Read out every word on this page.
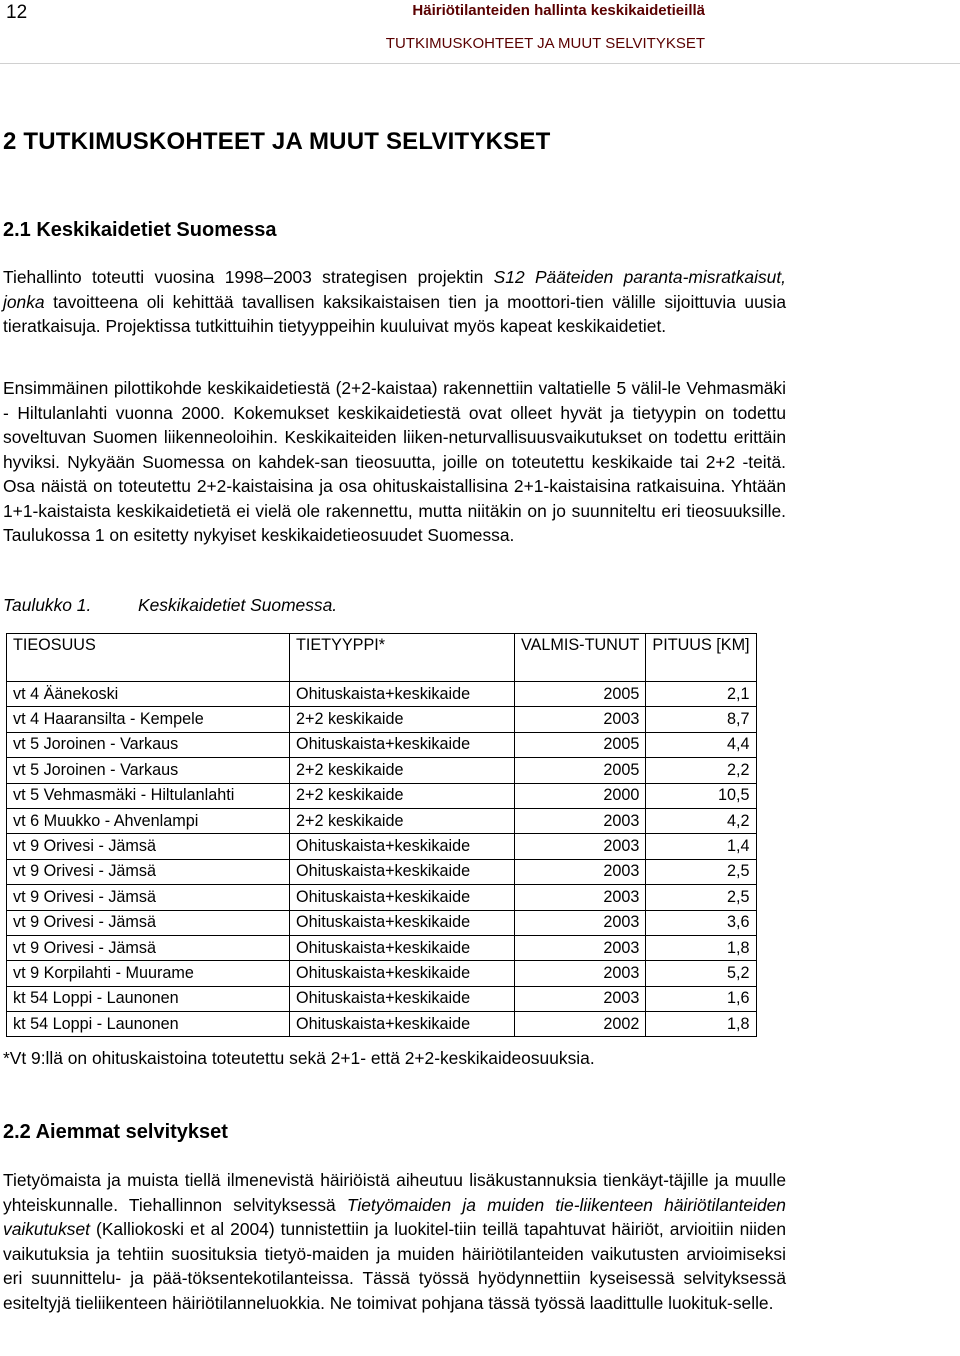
12	Häiriötilanteiden hallinta keskikaidetieillä
TUTKIMUSKOHTEET JA MUUT SELVITYKSET
2 TUTKIMUSKOHTEET JA MUUT SELVITYKSET
2.1 Keskikaidetiet Suomessa

Tiehallinto toteutti vuosina 1998–2003 strategisen projektin S12 Pääteiden paranta-misratkaisut, jonka tavoitteena oli kehittää tavallisen kaksikaistaisen tien ja moottori-tien välille sijoittuvia uusia tieratkaisuja. Projektissa tutkittuihin tietyyppeihin kuuluivat myös kapeat keskikaidetiet.

Ensimmäinen pilottikohde keskikaidetiestä (2+2-kaistaa) rakennettiin valtatielle 5 välil-le Vehmasmäki - Hiltulanlahti vuonna 2000. Kokemukset keskikaidetiestä ovat olleet hyvät ja tietyypin on todettu soveltuvan Suomen liikenneoloihin. Keskikaiteiden liiken-neturvallisuusvaikutukset on todettu erittäin hyviksi. Nykyään Suomessa on kahdek-san tieosuutta, joille on toteutettu keskikaide tai 2+2 -teitä. Osa näistä on toteutettu 2+2-kaistaisina ja osa ohituskaistallisina 2+1-kaistaisina ratkaisuina. Yhtään 1+1-kaistaista keskikaidetietä ei vielä ole rakennettu, mutta niitäkin on jo suunniteltu eri tieosuuksille. Taulukossa 1 on esitetty nykyiset keskikaidetieosuudet Suomessa.

Taulukko 1.	Keskikaidetiet Suomessa.
TIEOSUUS	TIETYYPPI*	VALMIS-TUNUT	PITUUS [KM]
vt 4 Äänekoski	Ohituskaista+keskikaide	2005	2,1
vt 4 Haaransilta - Kempele	2+2 keskikaide	2003	8,7
vt 5 Joroinen - Varkaus	Ohituskaista+keskikaide	2005	4,4
vt 5 Joroinen - Varkaus	2+2 keskikaide	2005	2,2
vt 5 Vehmasmäki - Hiltulanlahti	2+2 keskikaide	2000	10,5
vt 6 Muukko - Ahvenlampi	2+2 keskikaide	2003	4,2
vt 9 Orivesi - Jämsä	Ohituskaista+keskikaide	2003	1,4
vt 9 Orivesi - Jämsä	Ohituskaista+keskikaide	2003	2,5
vt 9 Orivesi - Jämsä	Ohituskaista+keskikaide	2003	2,5
vt 9 Orivesi - Jämsä	Ohituskaista+keskikaide	2003	3,6
vt 9 Orivesi - Jämsä	Ohituskaista+keskikaide	2003	1,8
vt 9 Korpilahti - Muurame	Ohituskaista+keskikaide	2003	5,2
kt 54 Loppi - Launonen	Ohituskaista+keskikaide	2003	1,6
kt 54 Loppi - Launonen	Ohituskaista+keskikaide	2002	1,8
*Vt 9:llä on ohituskaistoina toteutettu sekä 2+1- että 2+2-keskikaideosuuksia.
2.2 Aiemmat selvitykset

Tietyömaista ja muista tiellä ilmenevistä häiriöistä aiheutuu lisäkustannuksia tienkäyt-täjille ja muulle yhteiskunnalle. Tiehallinnon selvityksessä Tietyömaiden ja muiden tie-liikenteen häiriötilanteiden vaikutukset (Kalliokoski et al 2004) tunnistettiin ja luokitel-tiin teillä tapahtuvat häiriöt, arvioitiin niiden vaikutuksia ja tehtiin suosituksia tietyö-maiden ja muiden häiriötilanteiden vaikutusten arvioimiseksi eri suunnittelu- ja pää-töksentekotilanteissa. Tässä työssä hyödynnettiin kyseisessä selvityksessä esiteltyjä tieliikenteen häiriötilanneluokkia. Ne toimivat pohjana tässä työssä laadittulle luokituk-selle.
